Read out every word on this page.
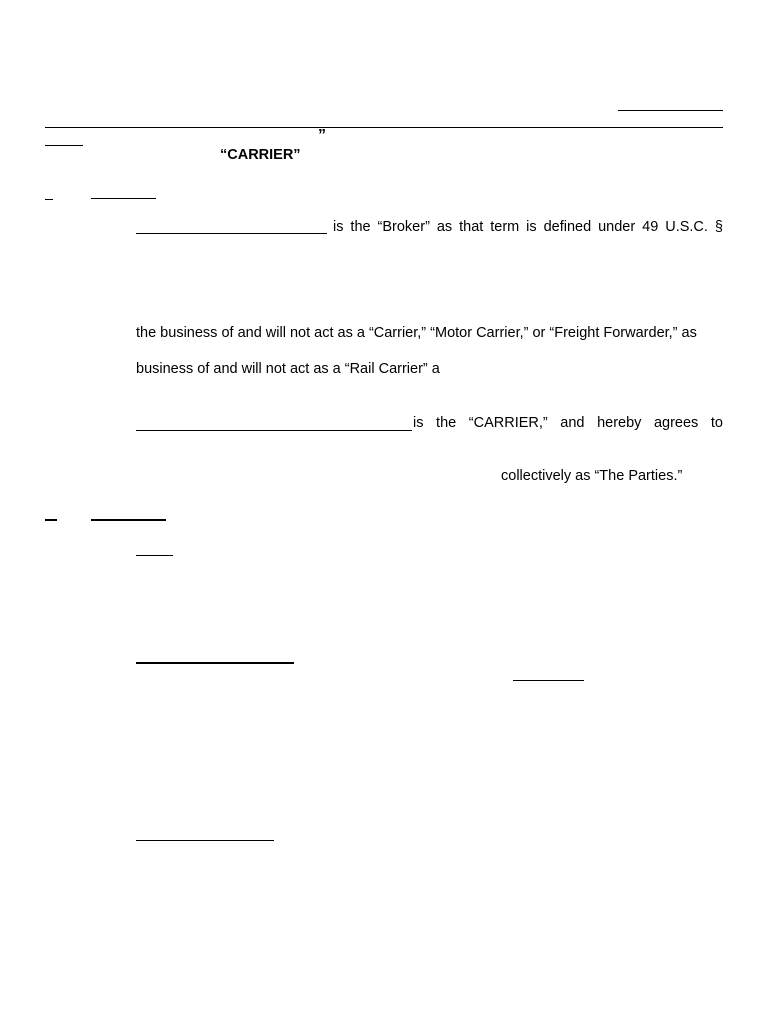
”
“CARRIER”
is the “Broker” as that term is defined under 49 U.S.C. §
the business of and will not act as a “Carrier,” “Motor Carrier,” or “Freight Forwarder,” as
business of and will not act as a “Rail Carrier” a
is the “CARRIER,” and hereby agrees to
collectively as “The Parties.”
